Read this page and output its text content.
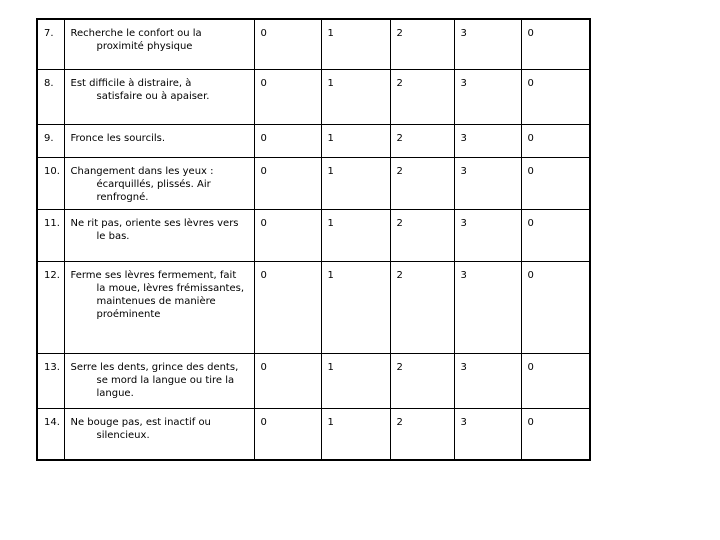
7.	Recherche le confort ou la
proximité physique	0	1	2	3	0
8.	Est difficile à distraire, à
satisfaire ou à apaiser.	0	1	2	3	0
9.	Fronce les sourcils.	0	1	2	3	0
10.	Changement dans les yeux :
écarquillés, plissés. Air
renfrogné.	0	1	2	3	0
11.	Ne rit pas, oriente ses lèvres vers
le bas.	0	1	2	3	0
12.	Ferme ses lèvres fermement, fait
la moue, lèvres frémissantes,
maintenues de manière
proéminente	0	1	2	3	0
13.	Serre les dents, grince des dents,
se mord la langue ou tire la
langue.	0	1	2	3	0
14.	Ne bouge pas, est inactif ou
silencieux.	0	1	2	3	0
